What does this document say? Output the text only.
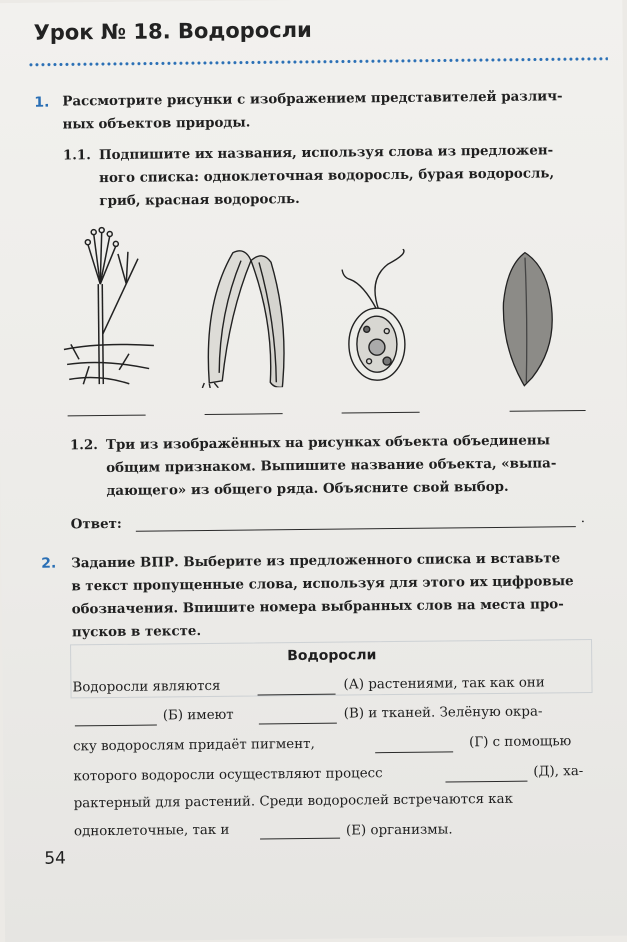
Урок № 18. Водоросли
1. Рассмотрите рисунки с изображением представителей различ-
ных объектов природы.
1.1. Подпишите их названия, используя слова из предложен-
ного списка: одноклеточная водоросль, бурая водоросль,
гриб, красная водоросль.
1.2. Три из изображённых на рисунках объекта объединены
общим признаком. Выпишите название объекта, «выпа-
дающего» из общего ряда. Объясните свой выбор.
Ответ:	.
2. Задание ВПР. Выберите из предложенного списка и вставьте
в текст пропущенные слова, используя для этого их цифровые
обозначения. Впишите номера выбранных слов на места про-
пусков в тексте.
Водоросли
Водоросли являются	(А) растениями, так как они
(Б) имеют	(В) и тканей. Зелёную окра-
ску водорослям придаёт пигмент,	(Г) с помощью
которого водоросли осуществляют процесс	(Д), ха-
рактерный для растений. Среди водорослей встречаются как
одноклеточные, так и	(Е) организмы.
54
